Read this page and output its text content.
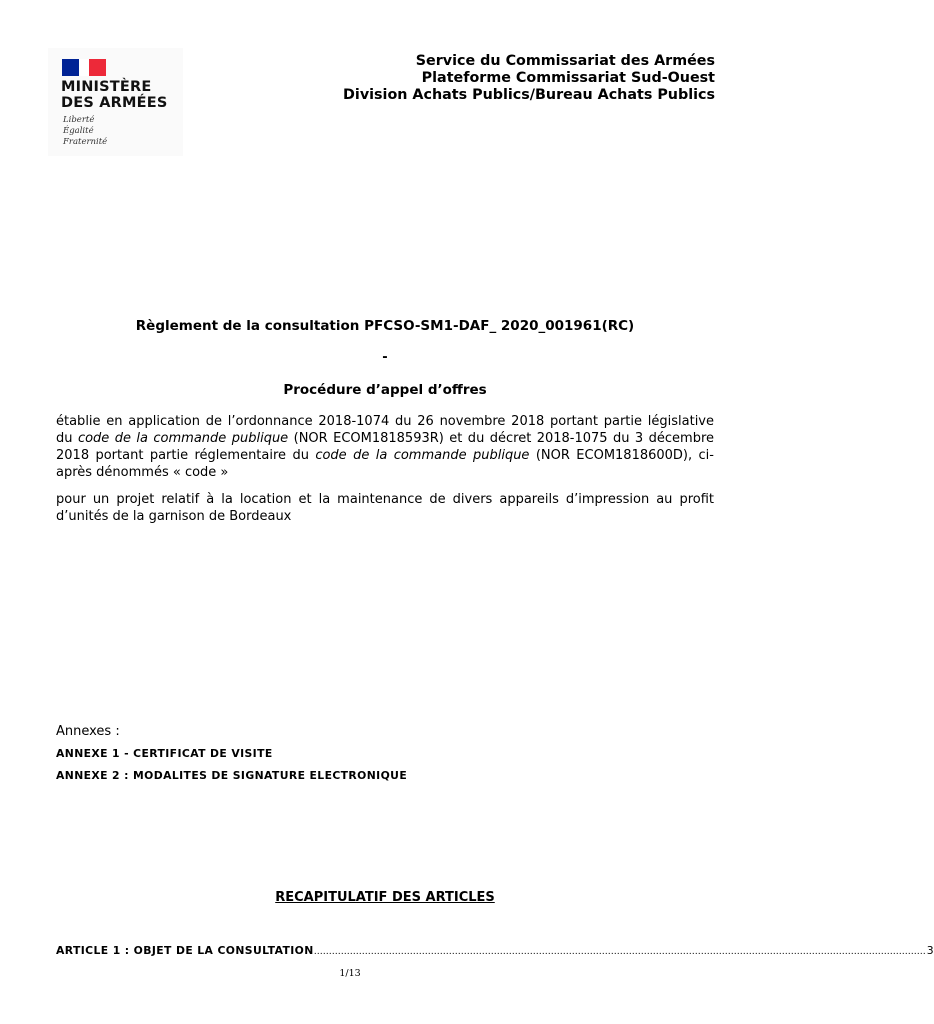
MINISTÈRE
DES ARMÉES
Liberté
Égalité
Fraternité
Service du Commissariat des Armées
Plateforme Commissariat Sud-Ouest
Division Achats Publics/Bureau Achats Publics
Règlement de la consultation PFCSO-SM1-DAF_ 2020_001961(RC)
-
Procédure d’appel d’offres
établie en application de l’ordonnance 2018-1074 du 26 novembre 2018 portant partie législative du code de la commande publique (NOR ECOM1818593R) et du décret 2018-1075 du 3 décembre 2018 portant partie réglementaire du code de la commande publique (NOR ECOM1818600D), ci-après dénommés « code »
pour un projet relatif à la location et la maintenance de divers appareils d’impression au profit d’unités de la garnison de Bordeaux
Annexes :
ANNEXE 1 - CERTIFICAT DE VISITE
ANNEXE 2 : MODALITES DE SIGNATURE ELECTRONIQUE
RECAPITULATIF DES ARTICLES
ARTICLE 1 : OBJET DE LA CONSULTATION …………………………………………………………………………………………………………………………………………………………………………………… 3
1/13
